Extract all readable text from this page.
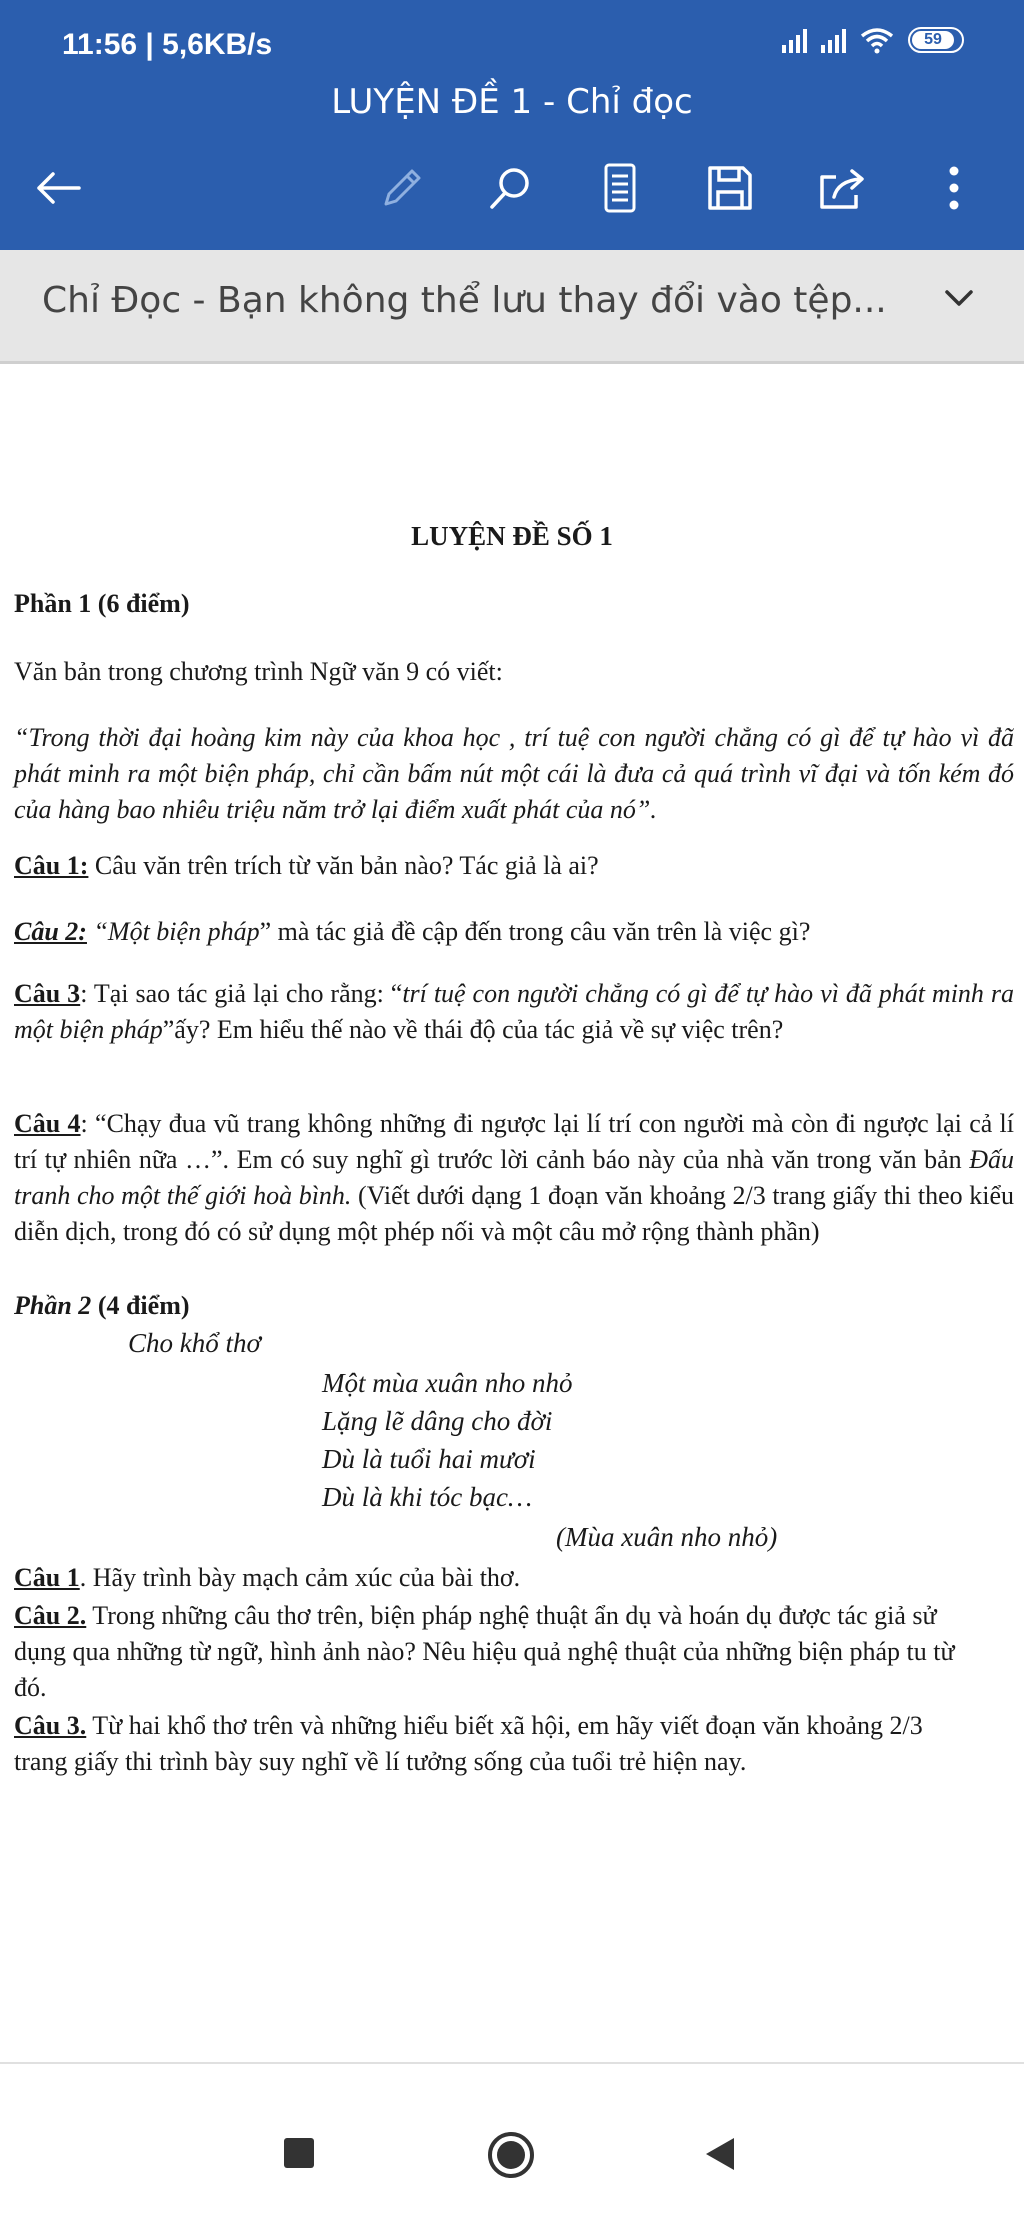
11:56 | 5,6KB/s	59
LUYỆN ĐỀ 1 - Chỉ đọc
Chỉ Đọc - Bạn không thể lưu thay đổi vào tệp...
LUYỆN ĐỀ SỐ 1

Phần 1 (6 điểm)

Văn bản trong chương trình Ngữ văn 9 có viết:

“Trong thời đại hoàng kim này của khoa học , trí tuệ con người chẳng có gì để tự hào vì đã phát minh ra một biện pháp, chỉ cần bấm nút một cái là đưa cả quá trình vĩ đại và tốn kém đó của hàng bao nhiêu triệu năm trở lại điểm xuất phát của nó”.

Câu 1: Câu văn trên trích từ văn bản nào? Tác giả là ai?

Câu 2: “Một biện pháp” mà tác giả đề cập đến trong câu văn trên là việc gì?

Câu 3: Tại sao tác giả lại cho rằng: “trí tuệ con người chẳng có gì để tự hào vì đã phát minh ra một biện pháp”ấy? Em hiểu thế nào về thái độ của tác giả về sự việc trên?

Câu 4: “Chạy đua vũ trang không những đi ngược lại lí trí con người mà còn đi ngược lại cả lí trí tự nhiên nữa …”. Em có suy nghĩ gì trước lời cảnh báo này của nhà văn trong văn bản Đấu tranh cho một thế giới hoà bình. (Viết dưới dạng 1 đoạn văn khoảng 2/3 trang giấy thi theo kiểu diễn dịch, trong đó có sử dụng một phép nối và một câu mở rộng thành phần)

Phần 2 (4 điểm)

Cho khổ thơ
Một mùa xuân nho nhỏ
Lặng lẽ dâng cho đời
Dù là tuổi hai mươi
Dù là khi tóc bạc…
(Mùa xuân nho nhỏ)

Câu 1. Hãy trình bày mạch cảm xúc của bài thơ.

Câu 2. Trong những câu thơ trên, biện pháp nghệ thuật ẩn dụ và hoán dụ được tác giả sử dụng qua những từ ngữ, hình ảnh nào? Nêu hiệu quả nghệ thuật của những biện pháp tu từ đó.

Câu 3. Từ hai khổ thơ trên và những hiểu biết xã hội, em hãy viết đoạn văn khoảng 2/3 trang giấy thi trình bày suy nghĩ về lí tưởng sống của tuổi trẻ hiện nay.
